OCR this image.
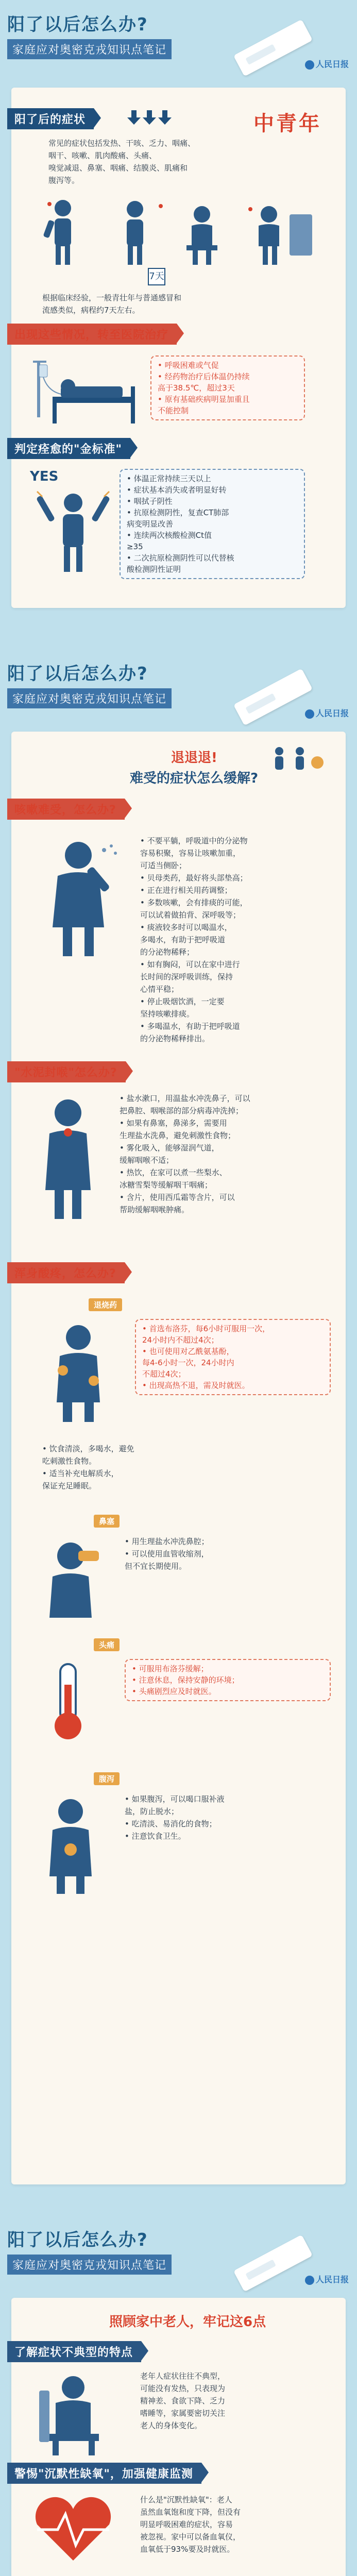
阳了以后怎么办?
家庭应对奥密克戎知识点笔记
人民日报
阳了后的症状	中青年
常见的症状包括发热、干咳、乏力、咽痛、
咽干、咳嗽、肌肉酸痛、头痛、
嗅觉减退、鼻塞、咽痛、结膜炎、肌痛和
腹泻等。
7天
根据临床经验，一般青壮年与普通感冒和
流感类似，病程约7天左右。
出现这些情况，转至医院治疗
• 呼吸困难或气促
• 经药物治疗后体温仍持续
高于38.5℃，超过3天
• 原有基础疾病明显加重且
不能控制
判定痊愈的"金标准"
YES	• 体温正常持续三天以上
• 症状基本消失或者明显好转
• 咽拭子阴性
• 抗原检测阴性，复查CT肺部
病变明显改善
• 连续两次核酸检测Ct值
≥35
• 二次抗原检测阴性可以代替核
酸检测阴性证明
阳了以后怎么办?
家庭应对奥密克戎知识点笔记
人民日报
退退退!
难受的症状怎么缓解?
咳嗽难受，怎么办?
• 不要平躺，呼吸道中的分泌物
容易积聚，容易让咳嗽加重，
可适当侧卧；
• 贝母类药，最好将头部垫高；
• 正在进行相关用药调整；
• 多数咳嗽，会有排痰的可能，
可以试着做拍背、深呼吸等；
• 痰液较多时可以喝温水，
多喝水，有助于把呼吸道
的分泌物稀释；
• 如有胸闷，可以在家中进行
长时间的深呼吸训练，保持
心情平稳；
• 停止吸烟饮酒，一定要
坚持咳嗽排痰。
• 多喝温水，有助于把呼吸道
的分泌物稀释排出。
"水泥封喉"怎么办?
• 盐水漱口，用温盐水冲洗鼻子，可以
把鼻腔、咽喉部的部分病毒冲洗掉；
• 如果有鼻塞，鼻涕多，需要用
生理盐水洗鼻，避免刺激性食物；
• 雾化吸入，能够湿润气道，
缓解咽喉不适；
• 热饮，在家可以煮一些梨水、
冰糖雪梨等缓解咽干咽痛；
• 含片，使用西瓜霜等含片，可以
帮助缓解咽喉肿痛。
浑身酸疼，怎么办?
退烧药
• 首选布洛芬，每6小时可服用一次，
24小时内不超过4次；
• 也可使用对乙酰氨基酚，
每4-6小时一次，24小时内
不超过4次；
• 出现高热不退，需及时就医。
• 饮食清淡，多喝水，避免
吃刺激性食物。
• 适当补充电解质水，
保证充足睡眠。
鼻塞
• 用生理盐水冲洗鼻腔；
• 可以使用血管收缩剂，
但不宜长期使用。
头痛
• 可服用布洛芬缓解；
• 注意休息，保持安静的环境；
• 头痛剧烈应及时就医。
腹泻
• 如果腹泻，可以喝口服补液
盐，防止脱水；
• 吃清淡、易消化的食物；
• 注意饮食卫生。
阳了以后怎么办?
家庭应对奥密克戎知识点笔记
人民日报
照顾家中老人，牢记这6点
了解症状不典型的特点
老年人症状往往不典型，
可能没有发热，只表现为
精神差、食欲下降、乏力
嗜睡等，家属要密切关注
老人的身体变化。
警惕"沉默性缺氧"，加强健康监测
什么是"沉默性缺氧"：老人
虽然血氧饱和度下降，但没有
明显呼吸困难的症状，容易
被忽视。家中可以备血氧仪，
血氧低于93%要及时就医。
